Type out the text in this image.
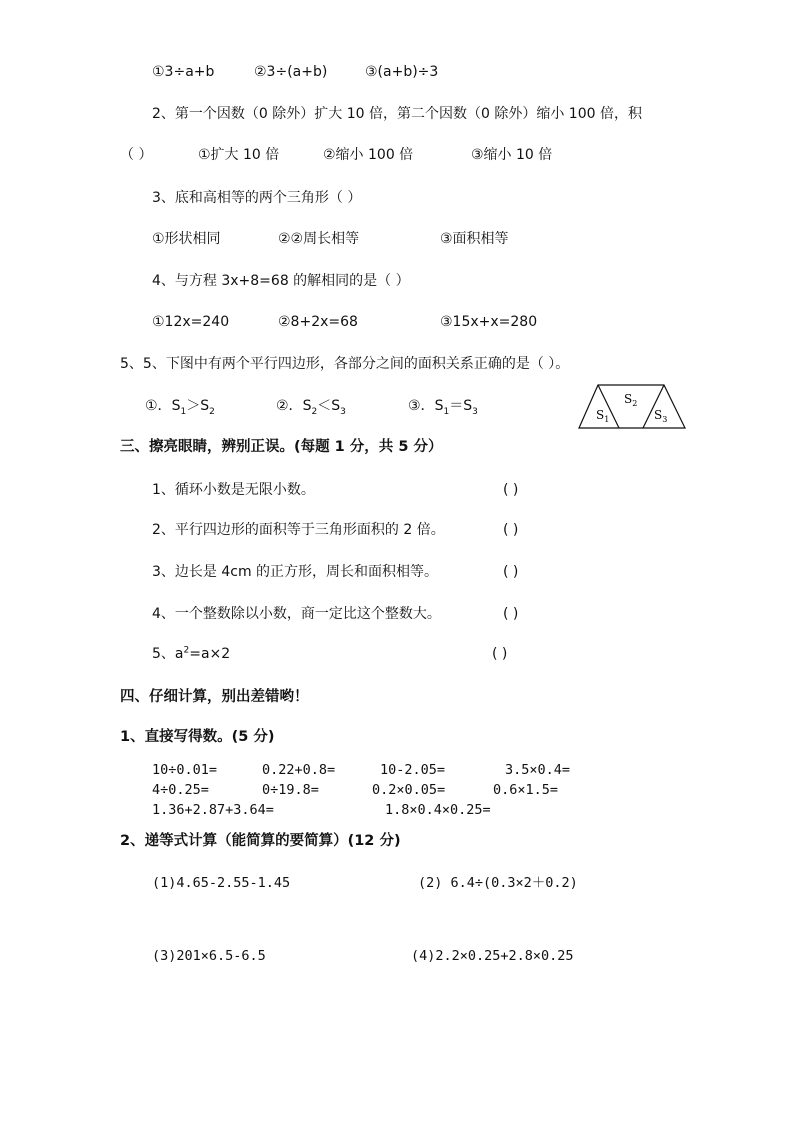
①3÷a+b	②3÷(a+b)	③(a+b)÷3
2、第一个因数（0 除外）扩大 10 倍，第二个因数（0 除外）缩小 100 倍，积
（ ）	①扩大 10 倍	②缩小 100 倍	③缩小 10 倍
3、底和高相等的两个三角形（ ）
①形状相同	②②周长相等	③面积相等
4、与方程 3x+8=68 的解相同的是（ ）
①12x=240	②8+2x=68	③15x+x=280
5、5、下图中有两个平行四边形，各部分之间的面积关系正确的是（ ）。
①．$S_1>S_2$	②．$S_2<S_3$	③．$S_1=S_3$
$S_2$
$S_1$	$S_3$
三、擦亮眼睛，辨别正误。(每题 1 分，共 5 分）
1、循环小数是无限小数。	( )
2、平行四边形的面积等于三角形面积的 2 倍。	( )
3、边长是 4cm 的正方形，周长和面积相等。	( )
4、一个整数除以小数，商一定比这个整数大。	( )
5、$a^2=a\times 2$	( )
四、仔细计算，别出差错哟！
1、直接写得数。(5 分)
10÷0.01=	0.22+0.8=	10-2.05=	3.5×0.4=
4÷0.25=	0÷19.8=	0.2×0.05=	0.6×1.5=
1.36+2.87+3.64=	1.8×0.4×0.25=
2、递等式计算（能简算的要简算）(12 分)
(1)4.65-2.55-1.45	(2) 6.4÷(0.3×2＋0.2)
(3)201×6.5-6.5	(4)2.2×0.25+2.8×0.25
